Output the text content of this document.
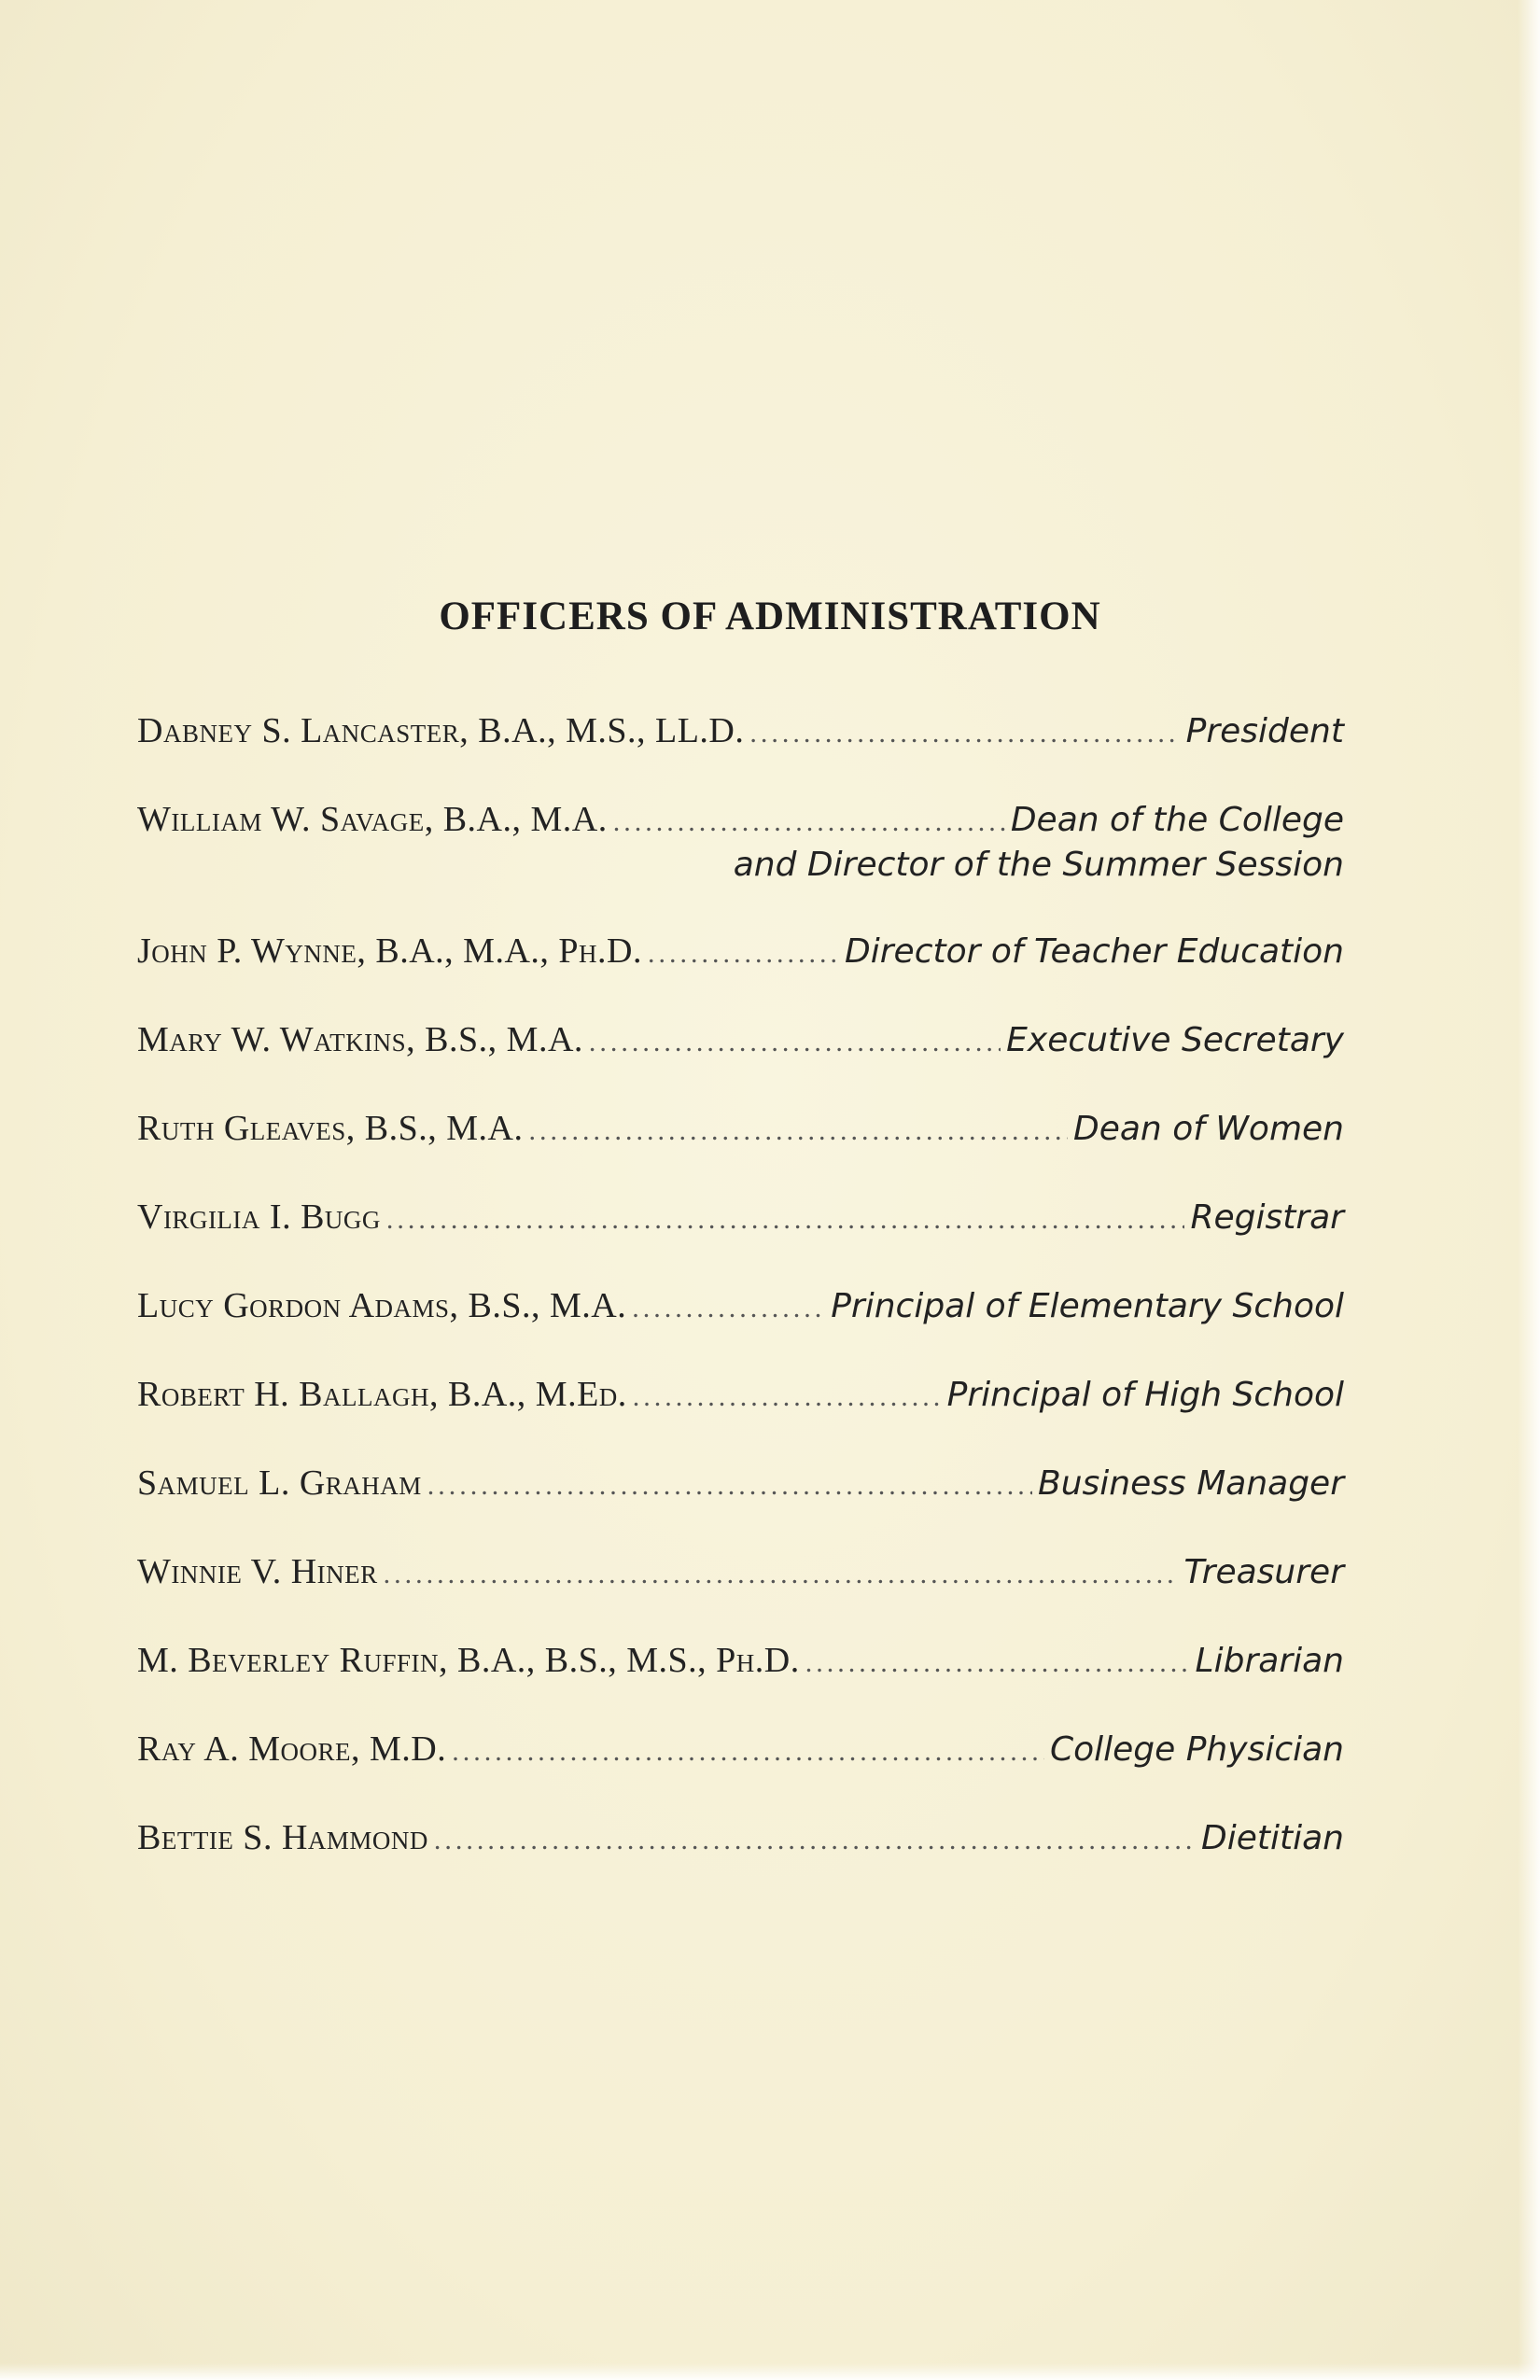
OFFICERS OF ADMINISTRATION
Dabney S. Lancaster, B.A., M.S., LL.D. .....	President
William W. Savage, B.A., M.A. .....	Dean of the College
and Director of the Summer Session
John P. Wynne, B.A., M.A., Ph.D. .....	Director of Teacher Education
Mary W. Watkins, B.S., M.A. .....	Executive Secretary
Ruth Gleaves, B.S., M.A. .....	Dean of Women
Virgilia I. Bugg .....	Registrar
Lucy Gordon Adams, B.S., M.A. .....	Principal of Elementary School
Robert H. Ballagh, B.A., M.Ed. .....	Principal of High School
Samuel L. Graham .....	Business Manager
Winnie V. Hiner .....	Treasurer
M. Beverley Ruffin, B.A., B.S., M.S., Ph.D. .....	Librarian
Ray A. Moore, M.D. .....	College Physician
Bettie S. Hammond .....	Dietitian
